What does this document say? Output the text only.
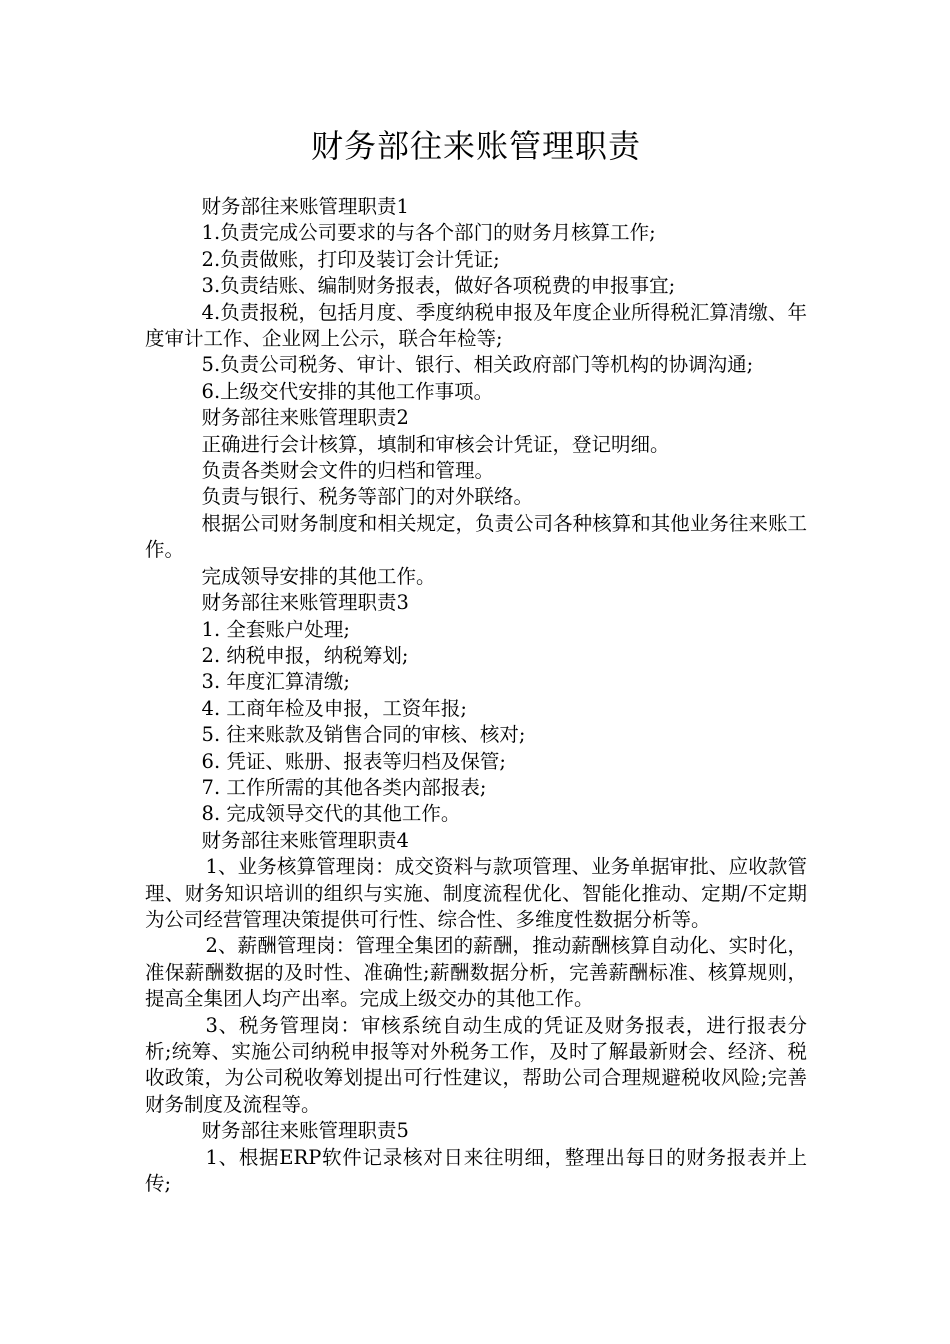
财务部往来账管理职责

财务部往来账管理职责1

1.负责完成公司要求的与各个部门的财务月核算工作;

2.负责做账，打印及装订会计凭证;

3.负责结账、编制财务报表，做好各项税费的申报事宜;

4.负责报税，包括月度、季度纳税申报及年度企业所得税汇算清缴、年度审计工作、企业网上公示，联合年检等;

5.负责公司税务、审计、银行、相关政府部门等机构的协调沟通;

6.上级交代安排的其他工作事项。

财务部往来账管理职责2

正确进行会计核算，填制和审核会计凭证，登记明细。

负责各类财会文件的归档和管理。

负责与银行、税务等部门的对外联络。

根据公司财务制度和相关规定，负责公司各种核算和其他业务往来账工作。

完成领导安排的其他工作。

财务部往来账管理职责3

1. 全套账户处理;

2. 纳税申报，纳税筹划;

3. 年度汇算清缴;

4. 工商年检及申报，工资年报;

5. 往来账款及销售合同的审核、核对;

6. 凭证、账册、报表等归档及保管;

7. 工作所需的其他各类内部报表;

8. 完成领导交代的其他工作。

财务部往来账管理职责4

1、业务核算管理岗：成交资料与款项管理、业务单据审批、应收款管理、财务知识培训的组织与实施、制度流程优化、智能化推动、定期/不定期为公司经营管理决策提供可行性、综合性、多维度性数据分析等。

2、薪酬管理岗：管理全集团的薪酬，推动薪酬核算自动化、实时化，准保薪酬数据的及时性、准确性;薪酬数据分析，完善薪酬标准、核算规则，提高全集团人均产出率。完成上级交办的其他工作。

3、税务管理岗：审核系统自动生成的凭证及财务报表，进行报表分析;统筹、实施公司纳税申报等对外税务工作，及时了解最新财会、经济、税收政策，为公司税收筹划提出可行性建议，帮助公司合理规避税收风险;完善财务制度及流程等。

财务部往来账管理职责5

1、根据ERP软件记录核对日来往明细，整理出每日的财务报表并上传;
